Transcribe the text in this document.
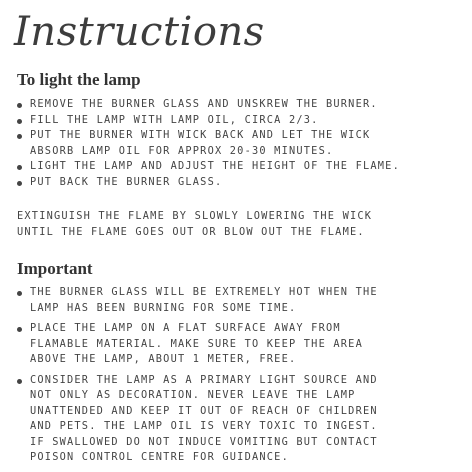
Instructions
To light the lamp
REMOVE THE BURNER GLASS AND UNSKREW THE BURNER.
FILL THE LAMP WITH LAMP OIL, CIRCA 2/3.
PUT THE BURNER WITH WICK BACK AND LET THE WICK
ABSORB LAMP OIL FOR APPROX 20-30 MINUTES.
LIGHT THE LAMP AND ADJUST THE HEIGHT OF THE FLAME.
PUT BACK THE BURNER GLASS.
EXTINGUISH THE FLAME BY SLOWLY LOWERING THE WICK
UNTIL THE FLAME GOES OUT OR BLOW OUT THE FLAME.
Important
THE BURNER GLASS WILL BE EXTREMELY HOT WHEN THE
LAMP HAS BEEN BURNING FOR SOME TIME.
PLACE THE LAMP ON A FLAT SURFACE AWAY FROM
FLAMABLE MATERIAL. MAKE SURE TO KEEP THE AREA
ABOVE THE LAMP, ABOUT 1 METER, FREE.
CONSIDER THE LAMP AS A PRIMARY LIGHT SOURCE AND
NOT ONLY AS DECORATION. NEVER LEAVE THE LAMP
UNATTENDED AND KEEP IT OUT OF REACH OF CHILDREN
AND PETS. THE LAMP OIL IS VERY TOXIC TO INGEST.
IF SWALLOWED DO NOT INDUCE VOMITING BUT CONTACT
POISON CONTROL CENTRE FOR GUIDANCE.
